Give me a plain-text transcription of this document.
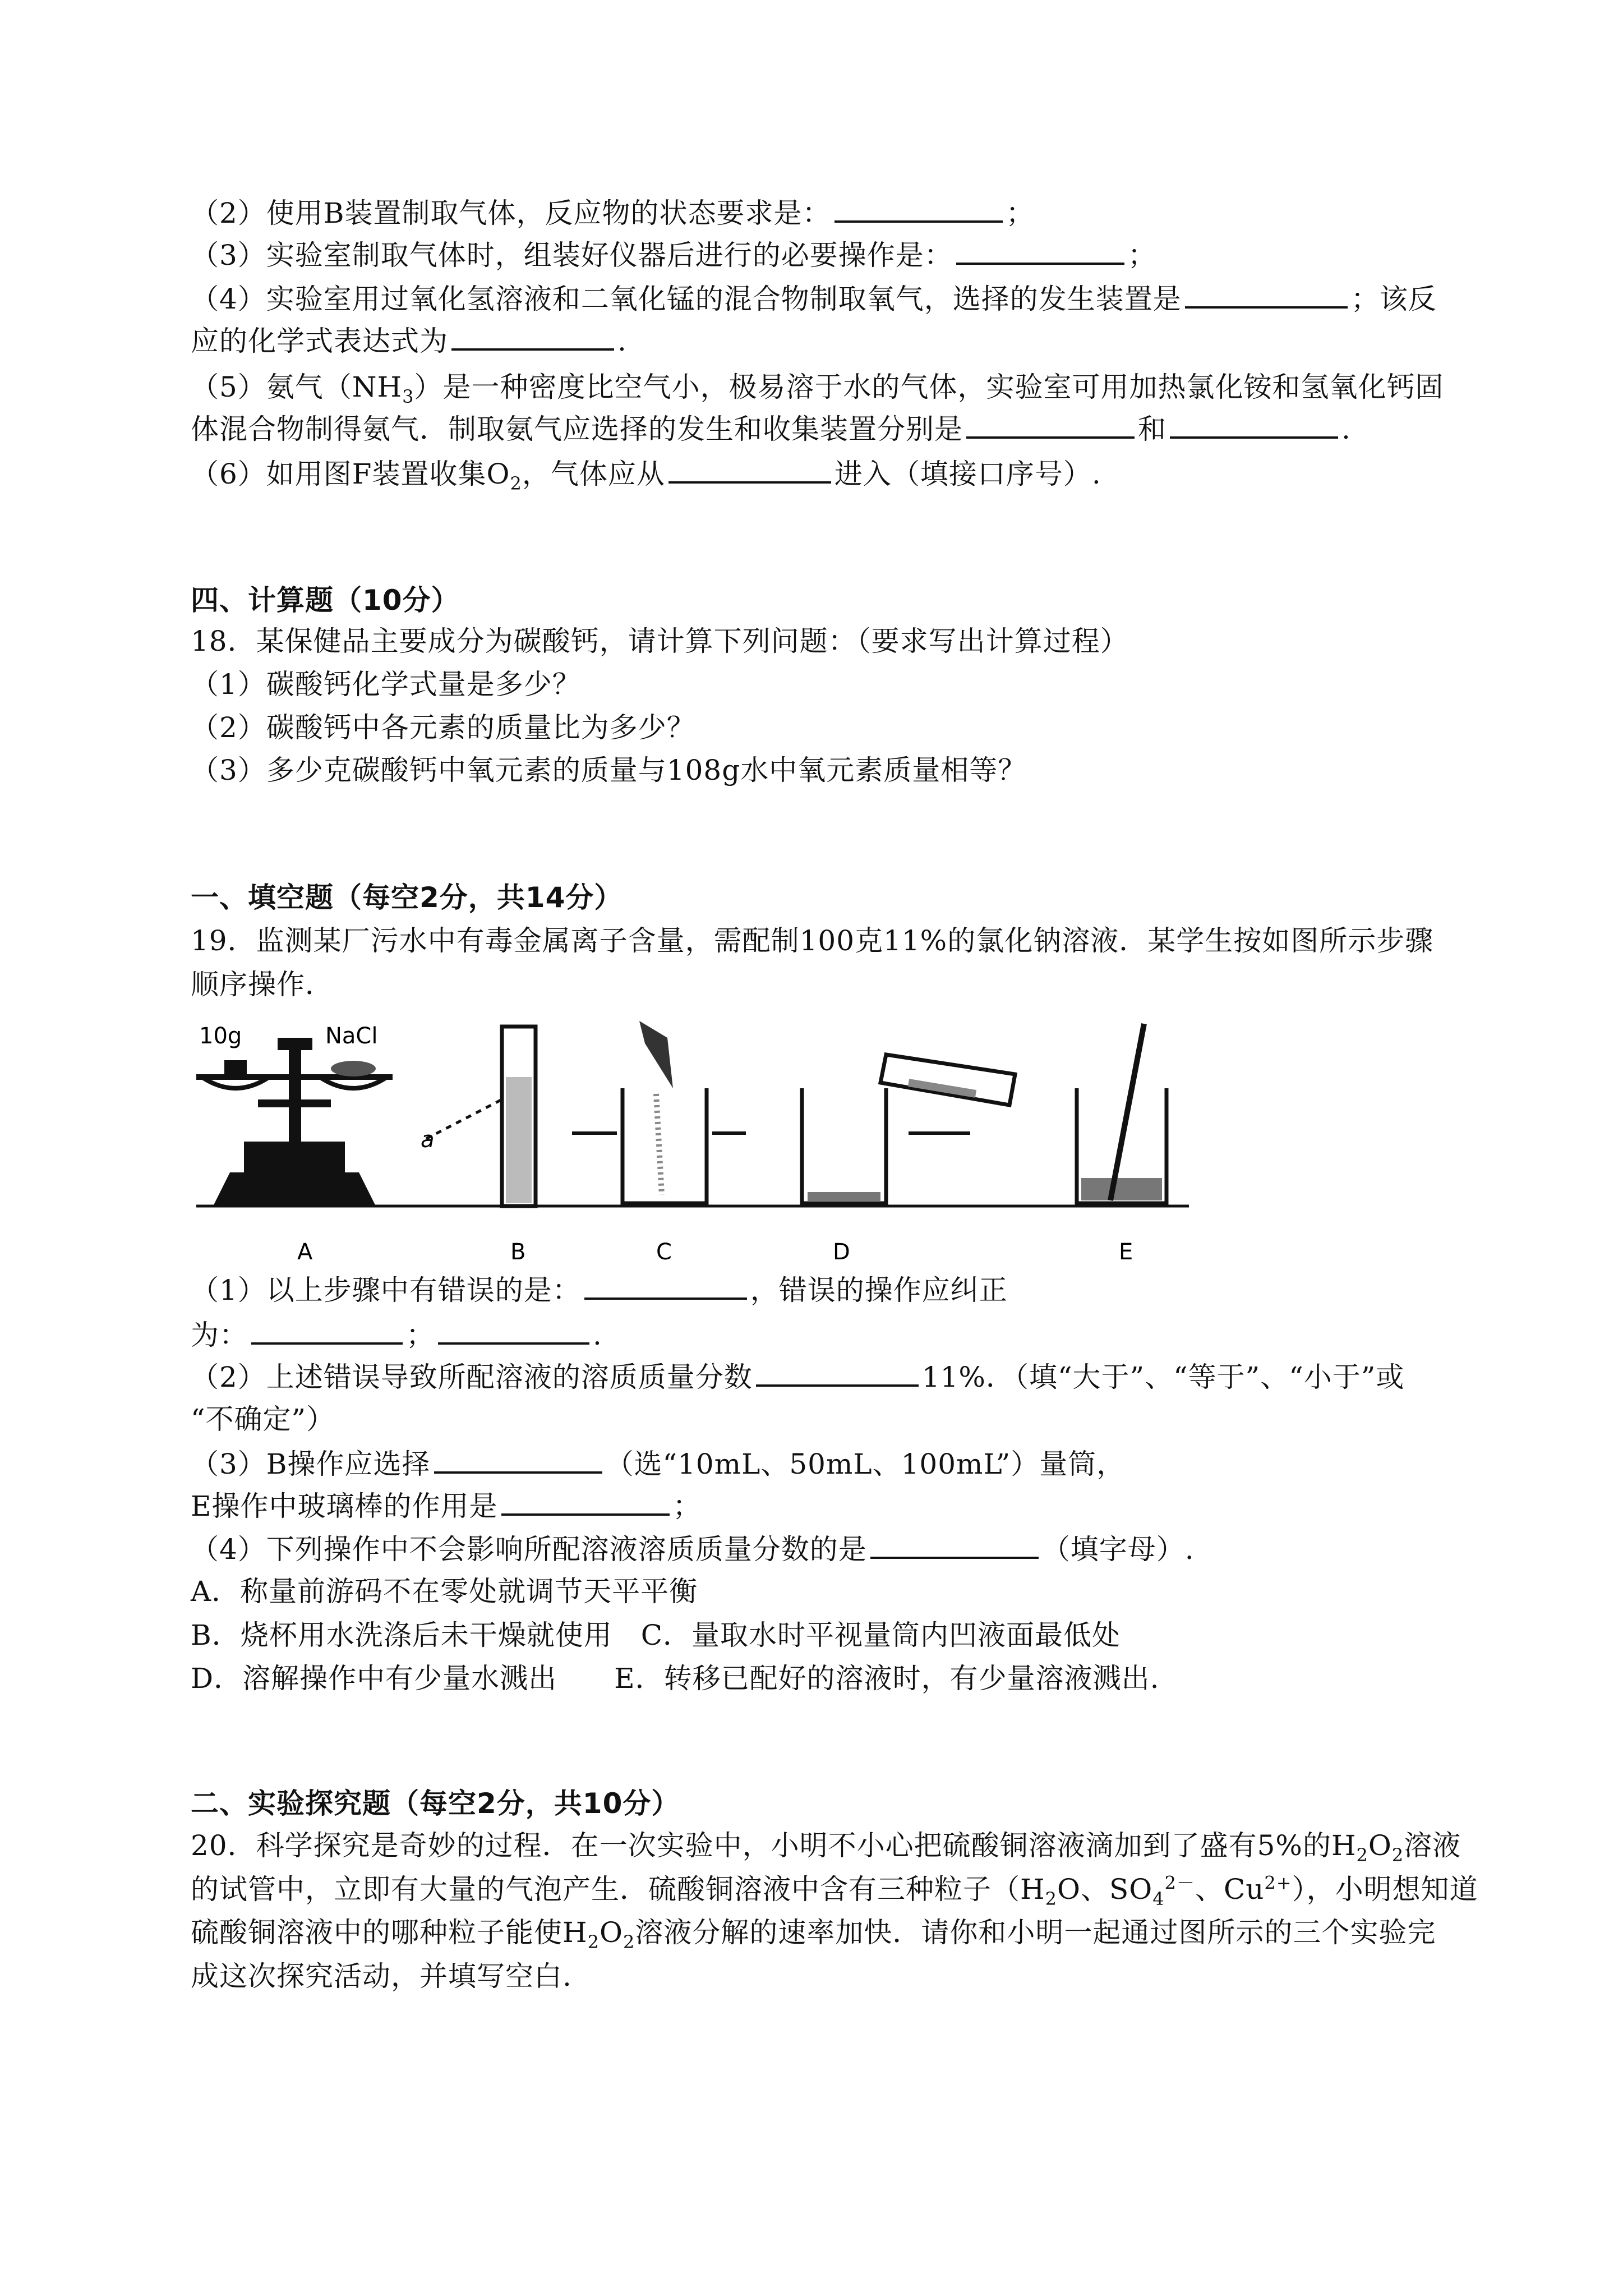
（2）使用B装置制取气体，反应物的状态要求是：	；
（3）实验室制取气体时，组装好仪器后进行的必要操作是：	；
（4）实验室用过氧化氢溶液和二氧化锰的混合物制取氧气，选择的发生装置是	；该反
应的化学式表达式为	.
（5）氨气$(NH_3)$是一种密度比空气小，极易溶于水的气体，实验室可用加热氯化铵和氢氧化钙固
体混合物制得氨气．制取氨气应选择的发生和收集装置分别是	和	.
（6）如用图F装置收集$O_2$，气体应从	进入（填接口序号）.
四、计算题（10分）
18．某保健品主要成分为碳酸钙，请计算下列问题：（要求写出计算过程）
（1）碳酸钙化学式量是多少？
（2）碳酸钙中各元素的质量比为多少？
（3）多少克碳酸钙中氧元素的质量与108g水中氧元素质量相等？
一、填空题（每空2分，共14分）
19．监测某厂污水中有毒金属离子含量，需配制100克11%的氯化钠溶液．某学生按如图所示步骤
顺序操作．
10g	NaCl
a
A	B	C	D	E
（1）以上步骤中有错误的是：	，错误的操作应纠正
为：	；	.
（2）上述错误导致所配溶液的溶质质量分数	11%．（填“大于”、“等于”、“小于”或
“不确定”）
（3）B操作应选择	（选“10mL、50mL、100mL”）量筒，
E操作中玻璃棒的作用是	；
（4）下列操作中不会影响所配溶液溶质质量分数的是	（填字母）.
A．称量前游码不在零处就调节天平平衡
B．烧杯用水洗涤后未干燥就使用　C．量取水时平视量筒内凹液面最低处
D．溶解操作中有少量水溅出　　E．转移已配好的溶液时，有少量溶液溅出.
二、实验探究题（每空2分，共10分）
20．科学探究是奇妙的过程．在一次实验中，小明不小心把硫酸铜溶液滴加到了盛有5%的$H_2O_2$溶液
的试管中，立即有大量的气泡产生．硫酸铜溶液中含有三种粒子（$H_2O$、$SO_4^{2-}$、$Cu^{2+}$），小明想知道
硫酸铜溶液中的哪种粒子能使$H_2O_2$溶液分解的速率加快．请你和小明一起通过图所示的三个实验完
成这次探究活动，并填写空白.
